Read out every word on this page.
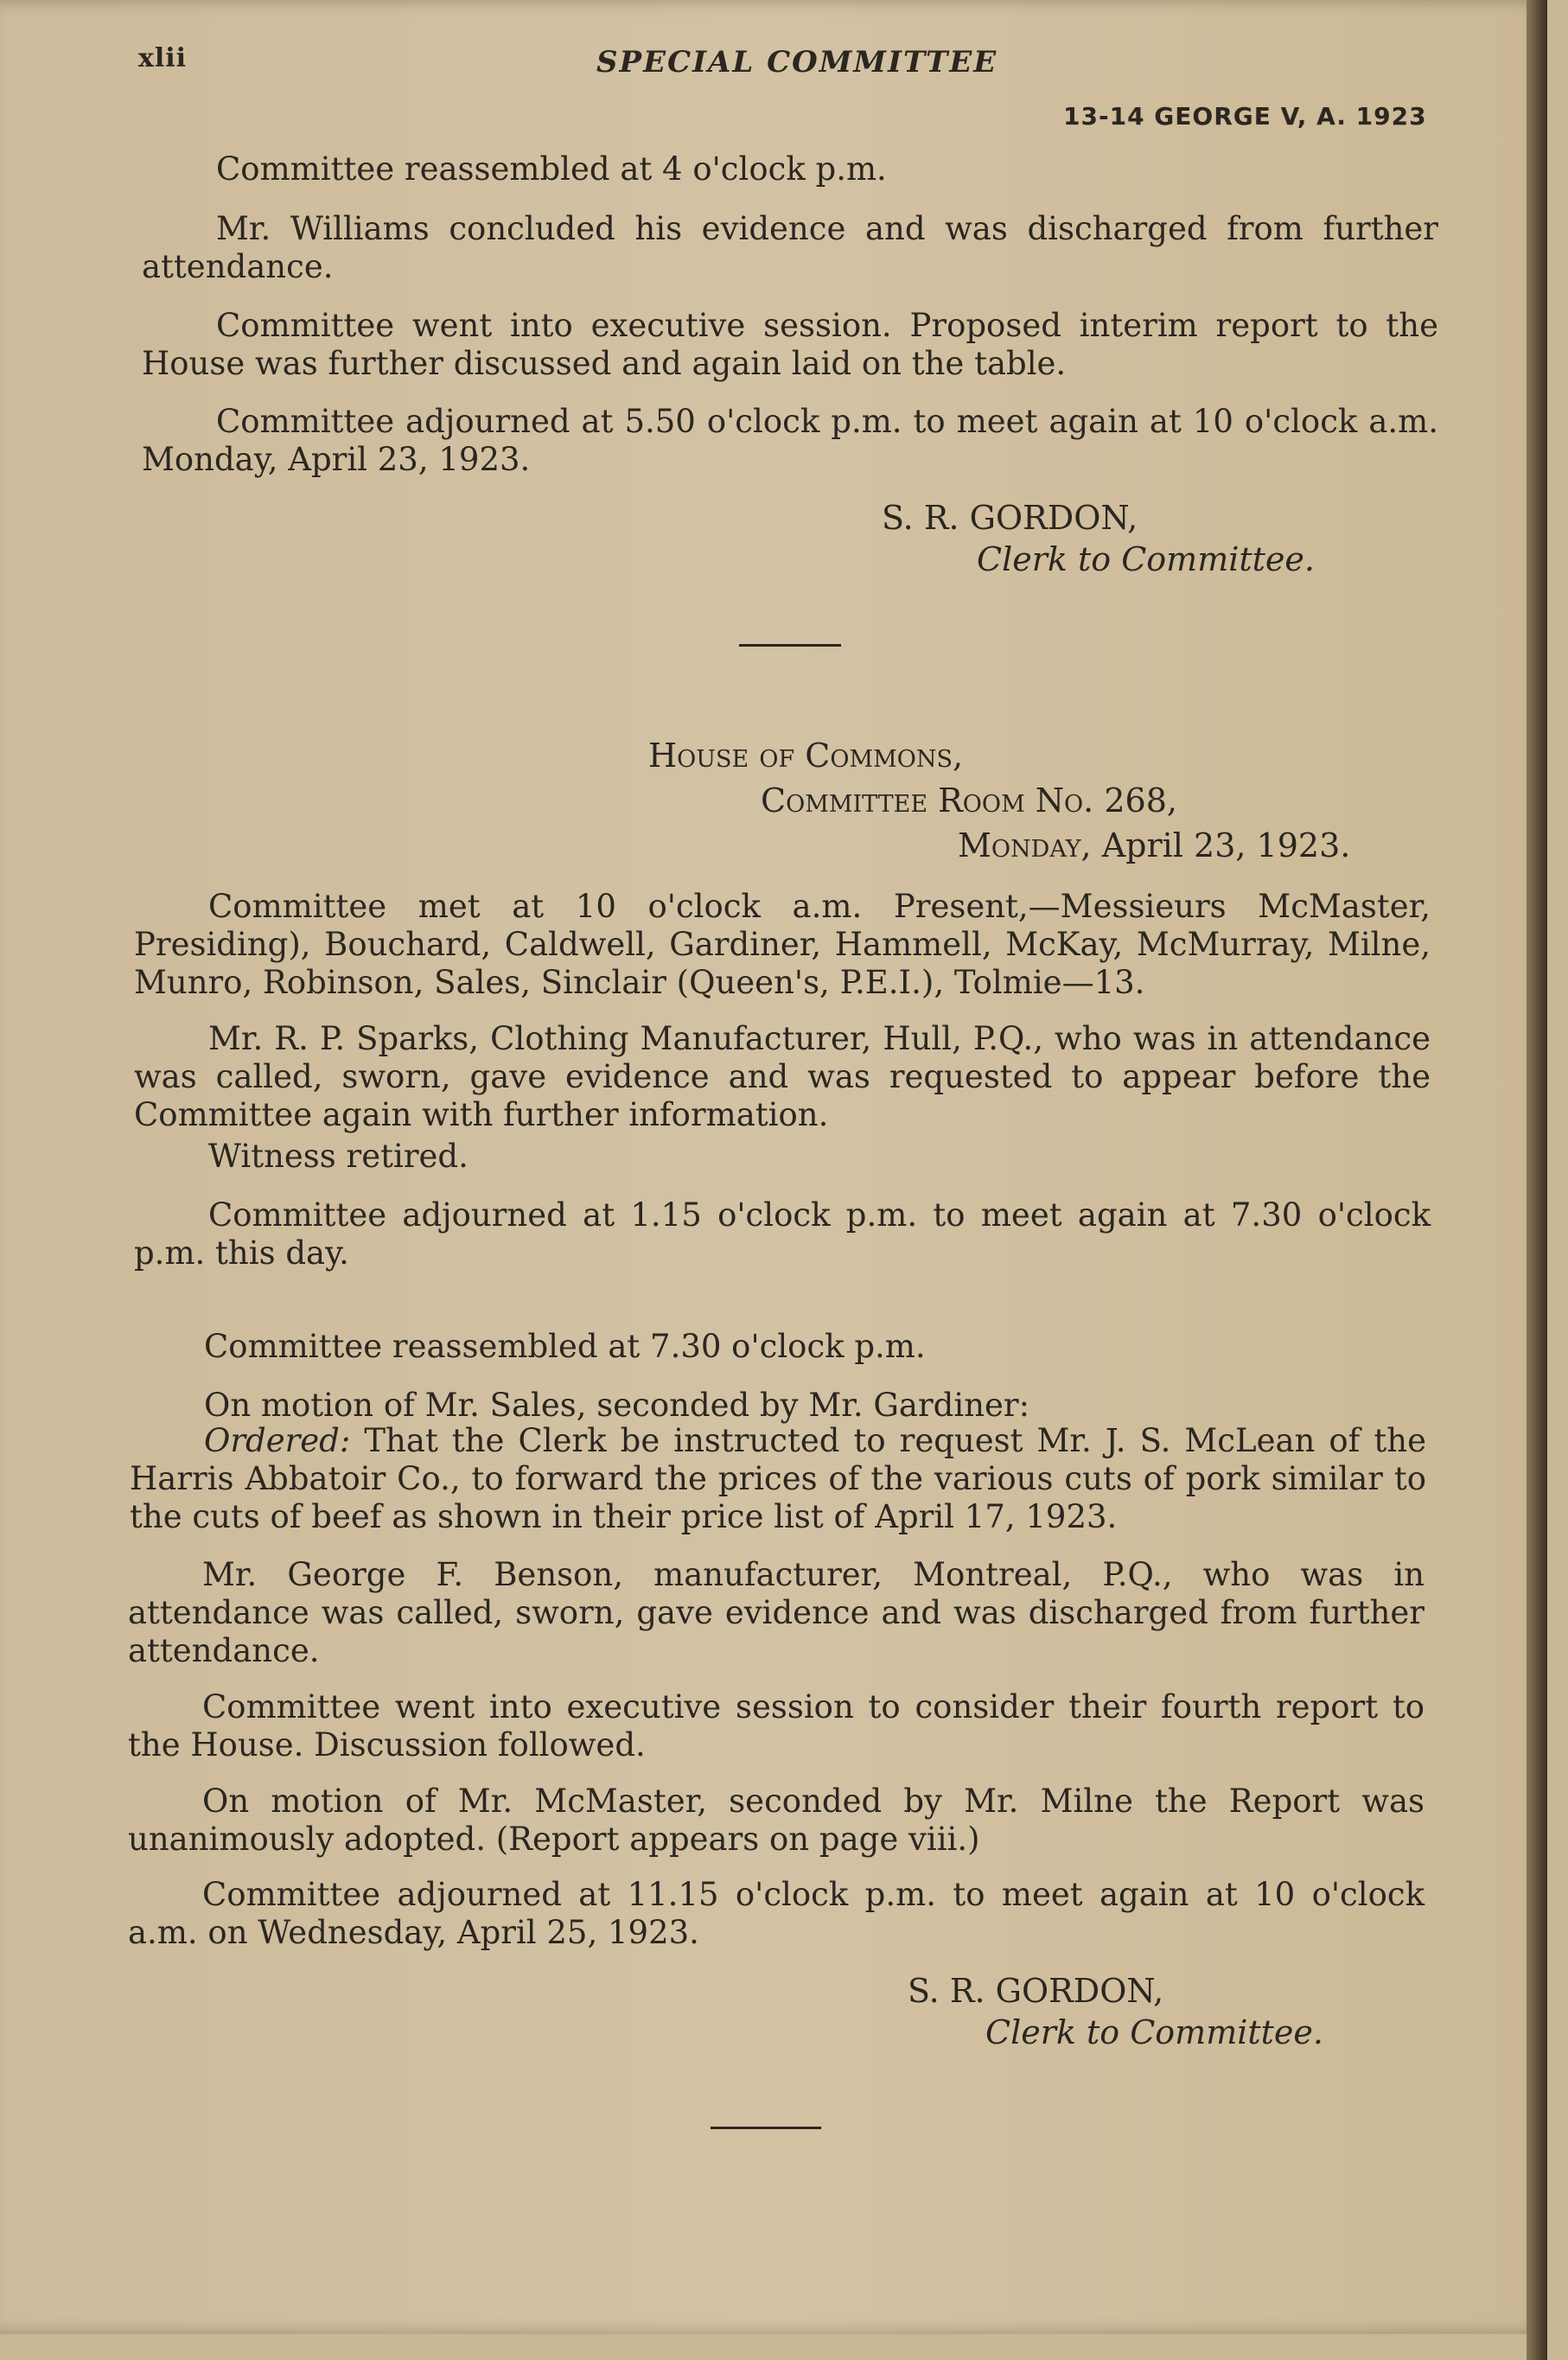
xlii	SPECIAL COMMITTEE
13-14 GEORGE V, A. 1923
Committee reassembled at 4 o'clock p.m.
Mr. Williams concluded his evidence and was discharged from further attendance.
Committee went into executive session. Proposed interim report to the House was further discussed and again laid on the table.
Committee adjourned at 5.50 o'clock p.m. to meet again at 10 o'clock a.m. Monday, April 23, 1923.
S. R. GORDON,
Clerk to Committee.
House of Commons,
Committee Room No. 268,
Monday, April 23, 1923.
Committee met at 10 o'clock a.m. Present,—Messieurs McMaster, Presiding), Bouchard, Caldwell, Gardiner, Hammell, McKay, McMurray, Milne, Munro, Robinson, Sales, Sinclair (Queen's, P.E.I.), Tolmie—13.
Mr. R. P. Sparks, Clothing Manufacturer, Hull, P.Q., who was in attendance was called, sworn, gave evidence and was requested to appear before the Committee again with further information.
Witness retired.
Committee adjourned at 1.15 o'clock p.m. to meet again at 7.30 o'clock p.m. this day.
Committee reassembled at 7.30 o'clock p.m.
On motion of Mr. Sales, seconded by Mr. Gardiner:
Ordered: That the Clerk be instructed to request Mr. J. S. McLean of the Harris Abbatoir Co., to forward the prices of the various cuts of pork similar to the cuts of beef as shown in their price list of April 17, 1923.
Mr. George F. Benson, manufacturer, Montreal, P.Q., who was in attendance was called, sworn, gave evidence and was discharged from further attendance.
Committee went into executive session to consider their fourth report to the House. Discussion followed.
On motion of Mr. McMaster, seconded by Mr. Milne the Report was unanimously adopted. (Report appears on page viii.)
Committee adjourned at 11.15 o'clock p.m. to meet again at 10 o'clock a.m. on Wednesday, April 25, 1923.
S. R. GORDON,
Clerk to Committee.
